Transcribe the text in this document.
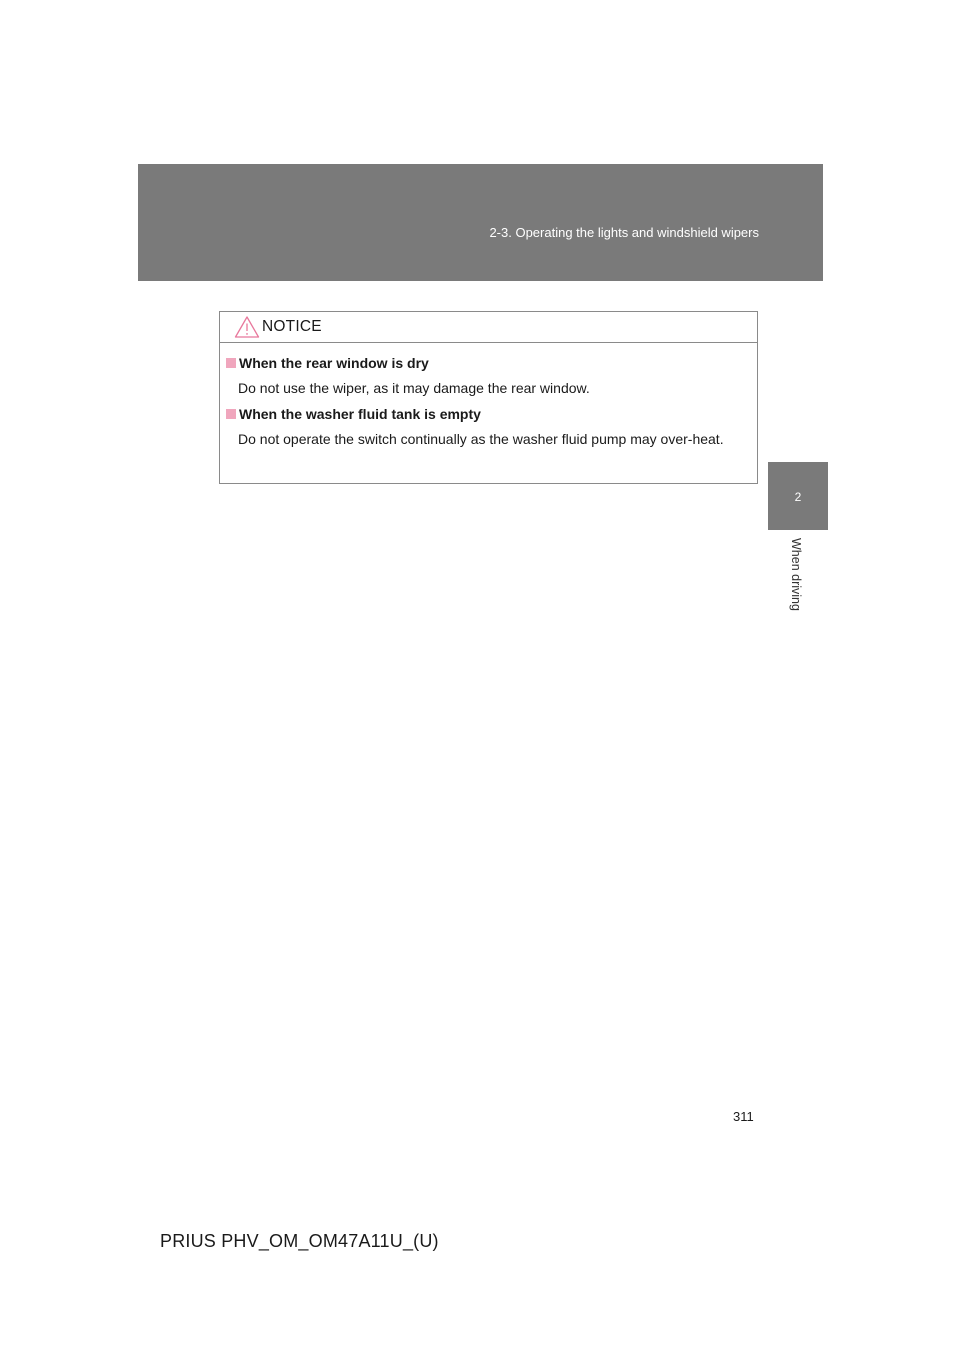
2-3. Operating the lights and windshield wipers
2
When driving
NOTICE
When the rear window is dry
Do not use the wiper, as it may damage the rear window.
When the washer fluid tank is empty
Do not operate the switch continually as the washer fluid pump may over-heat.
311
PRIUS PHV_OM_OM47A11U_(U)
